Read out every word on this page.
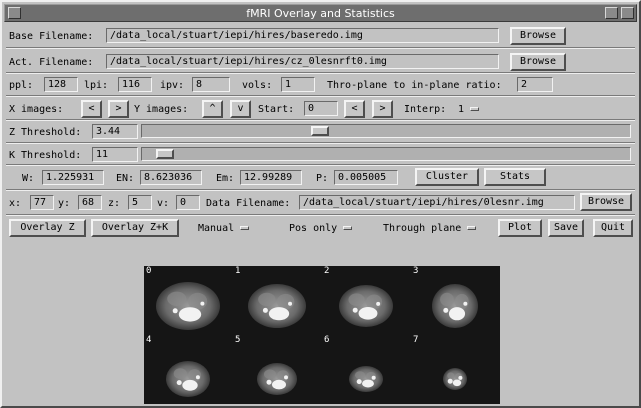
fMRI Overlay and Statistics
Base Filename:	/data_local/stuart/iepi/hires/baseredo.img	Browse
Act. Filename:	/data_local/stuart/iepi/hires/cz_0lesnrft0.img	Browse
ppl:	128	lpi:	116	ipv:	8	vols:	1	Thro-plane to in-plane ratio:	2
X images:	<	>	Y images:	^	v	Start:	0	<	>	Interp: 1
Z Threshold:	3.44
K Threshold:	11
W:	1.225931	EN: 8.623036	Em: 12.99289	P: 0.005005	Cluster	Stats
x:	77	y:	68	z:	5	v:	0	Data Filename:	/data_local/stuart/iepi/hires/0lesnr.img	Browse
Overlay Z	Overlay Z+K	Manual	Pos only	Through plane	Plot	Save	Quit
0	1	2	3
4	5	6	7
